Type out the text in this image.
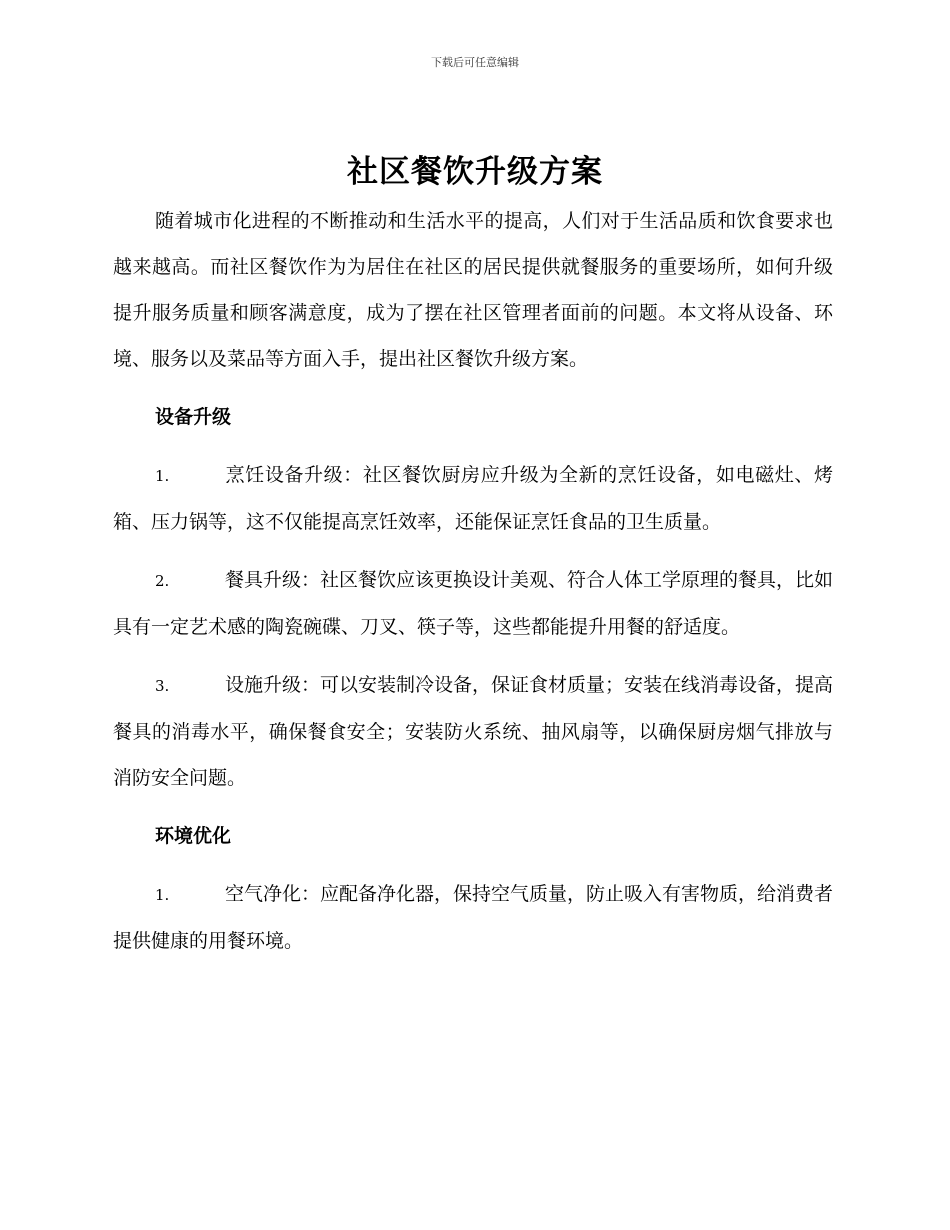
下载后可任意编辑
社区餐饮升级方案

随着城市化进程的不断推动和生活水平的提高，人们对于生活品质和饮食要求也越来越高。而社区餐饮作为为居住在社区的居民提供就餐服务的重要场所，如何升级提升服务质量和顾客满意度，成为了摆在社区管理者面前的问题。本文将从设备、环境、服务以及菜品等方面入手，提出社区餐饮升级方案。

设备升级

1.	烹饪设备升级：社区餐饮厨房应升级为全新的烹饪设备，如电磁灶、烤箱、压力锅等，这不仅能提高烹饪效率，还能保证烹饪食品的卫生质量。

2.	餐具升级：社区餐饮应该更换设计美观、符合人体工学原理的餐具，比如具有一定艺术感的陶瓷碗碟、刀叉、筷子等，这些都能提升用餐的舒适度。

3.	设施升级：可以安装制冷设备，保证食材质量；安装在线消毒设备，提高餐具的消毒水平，确保餐食安全；安装防火系统、抽风扇等，以确保厨房烟气排放与消防安全问题。

环境优化

1.	空气净化：应配备净化器，保持空气质量，防止吸入有害物质，给消费者提供健康的用餐环境。
